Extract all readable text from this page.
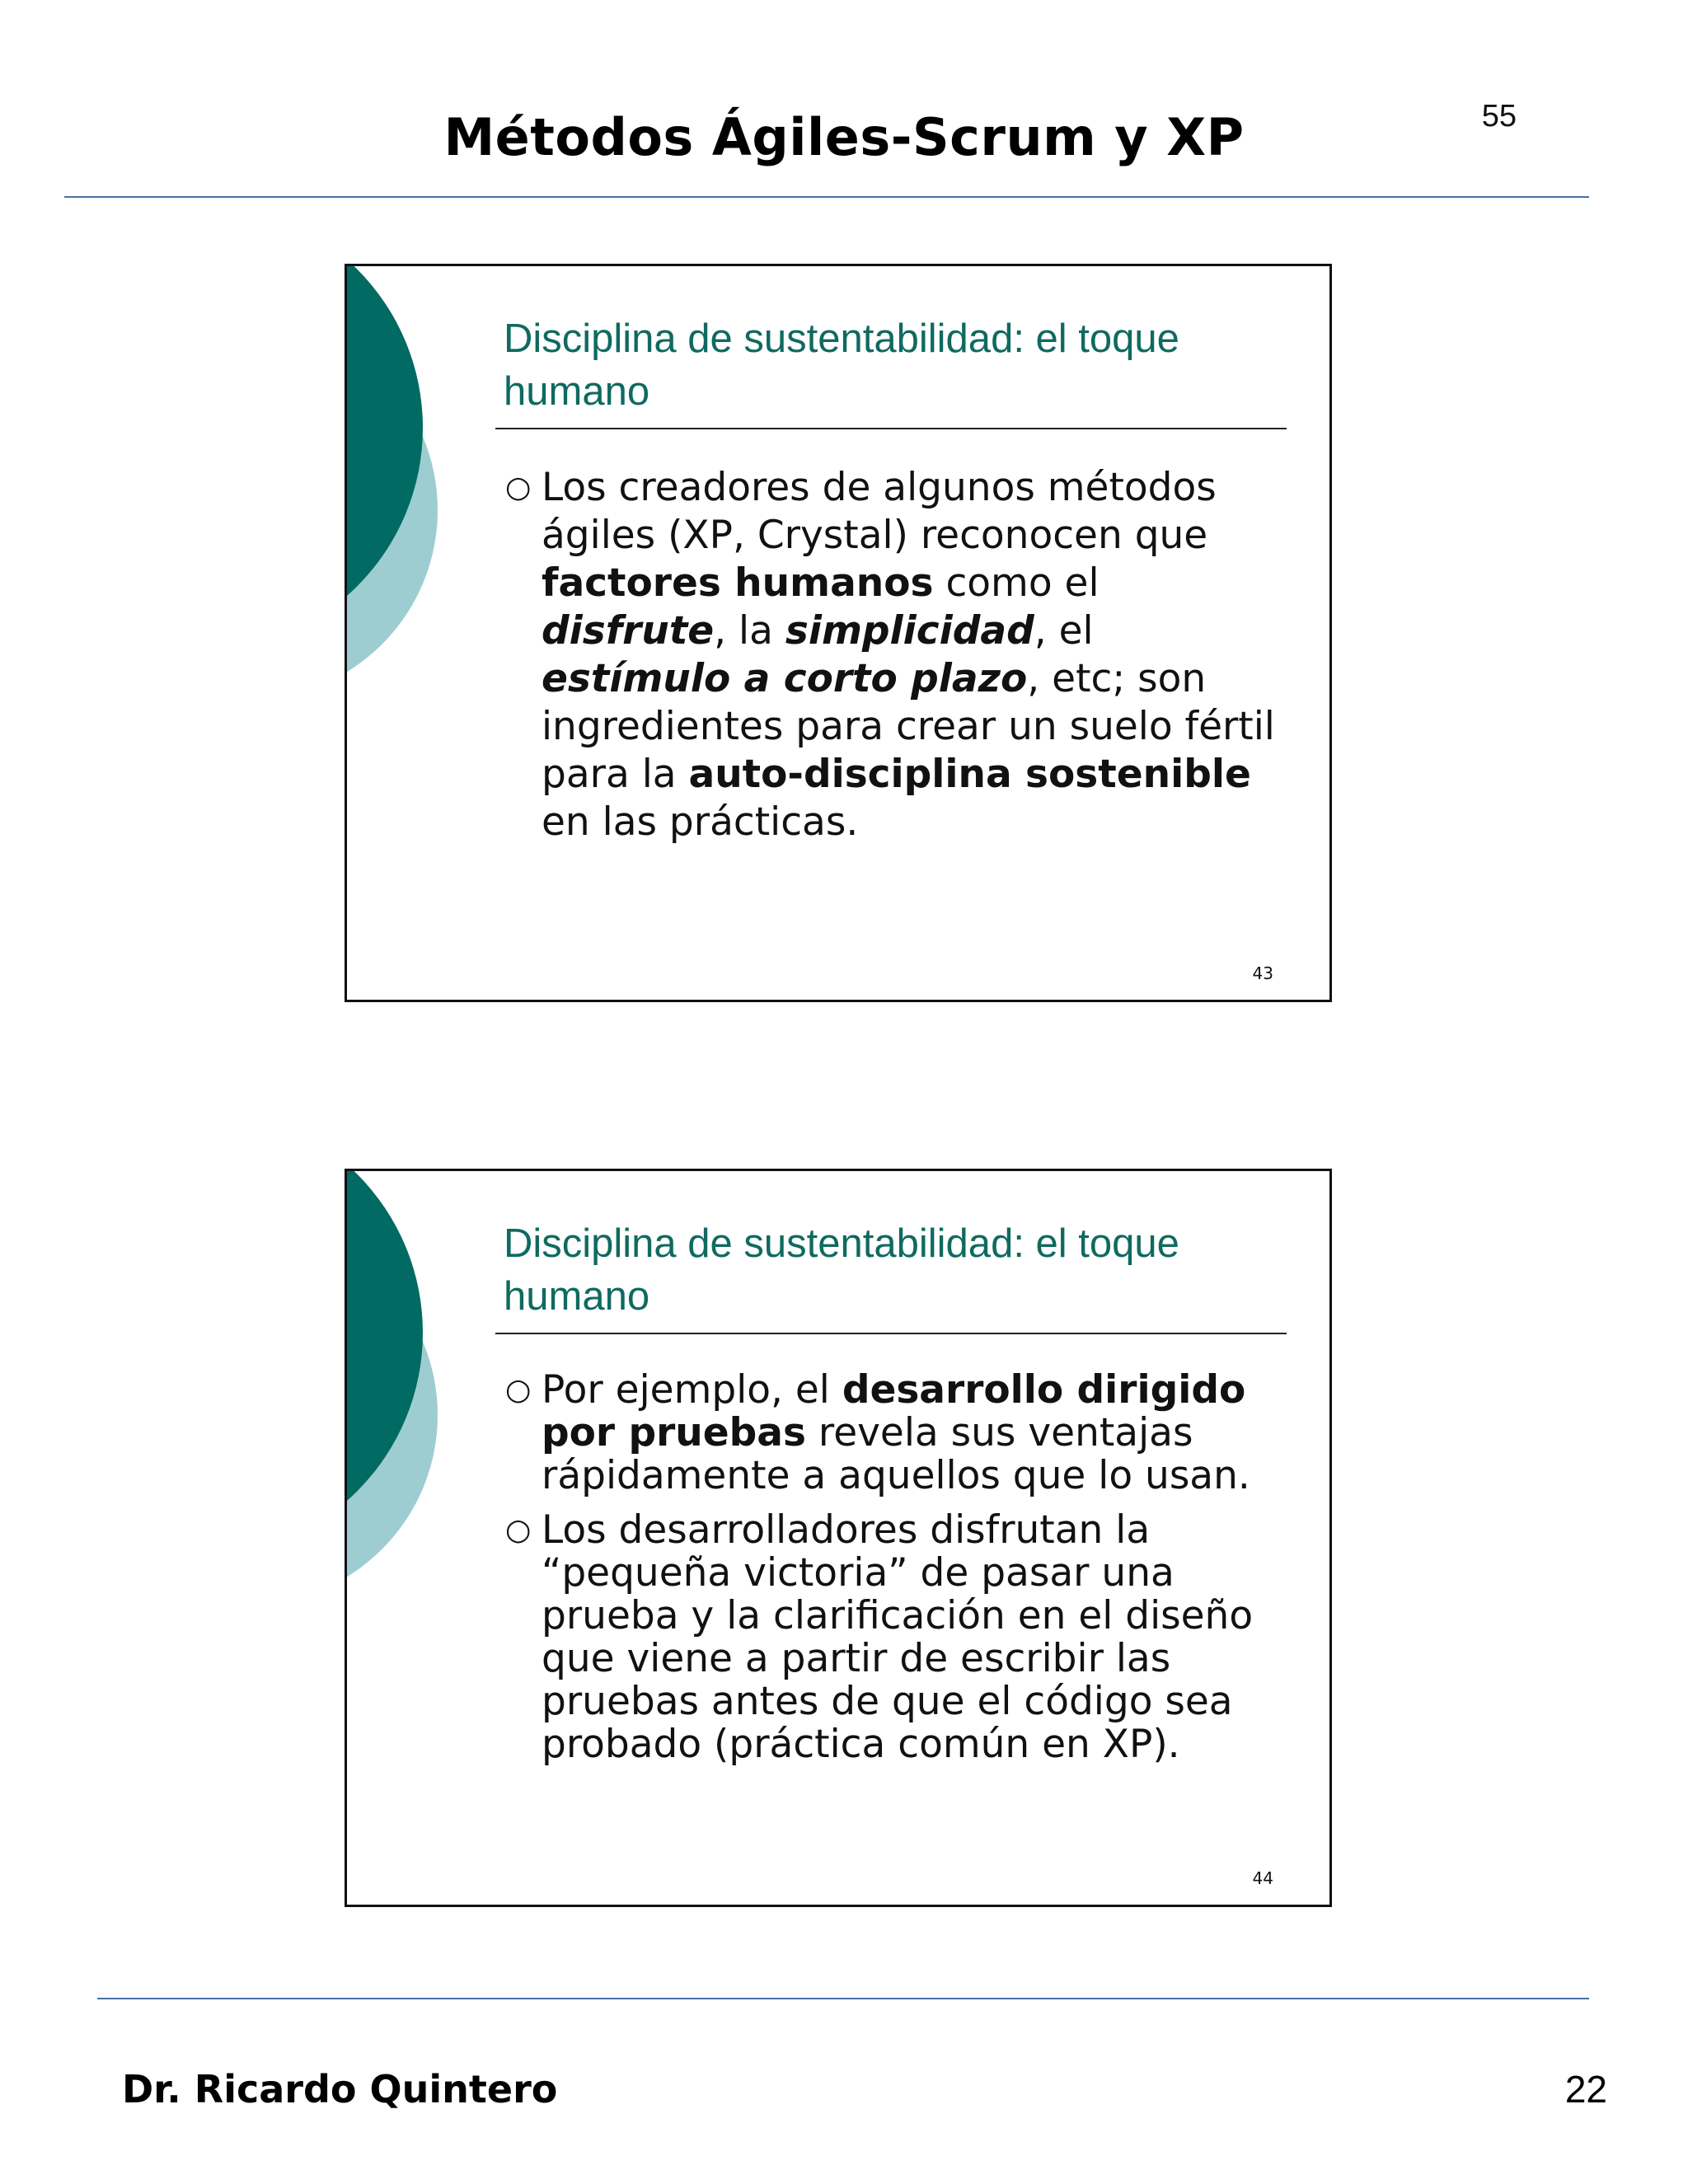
55
Métodos Ágiles-Scrum y XP
Disciplina de sustentabilidad: el toque
humano
○ Los creadores de algunos métodos ágiles (XP, Crystal) reconocen que factores humanos como el disfrute, la simplicidad, el estímulo a corto plazo, etc; son ingredientes para crear un suelo fértil para la auto-disciplina sostenible en las prácticas.
43
Disciplina de sustentabilidad: el toque
humano
○ Por ejemplo, el desarrollo dirigido por pruebas revela sus ventajas rápidamente a aquellos que lo usan.
○ Los desarrolladores disfrutan la “pequeña victoria” de pasar una prueba y la clarificación en el diseño que viene a partir de escribir las pruebas antes de que el código sea probado (práctica común en XP).
44
Dr. Ricardo Quintero	22
